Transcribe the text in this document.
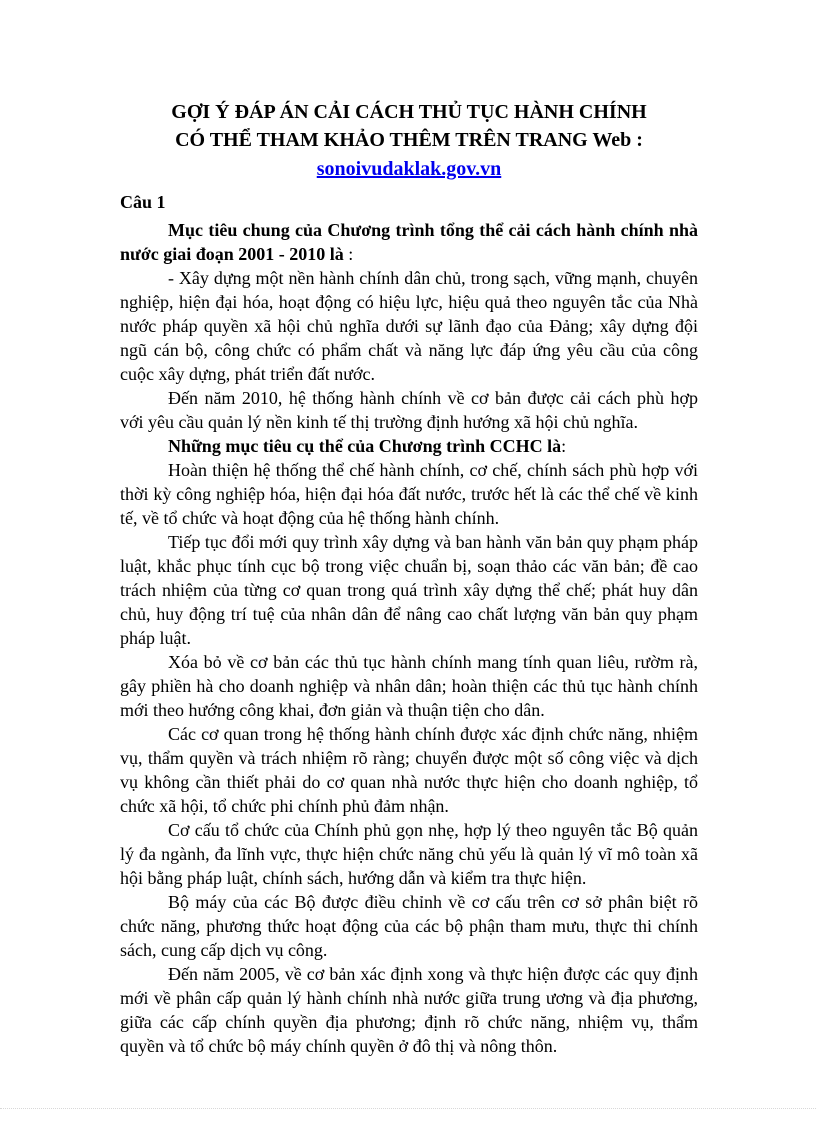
GỢI Ý ĐÁP ÁN CẢI CÁCH THỦ TỤC HÀNH CHÍNH
CÓ THỂ THAM KHẢO THÊM TRÊN TRANG Web :
sonoivudaklak.gov.vn
Câu 1

Mục tiêu chung của Chương trình tổng thể cải cách hành chính nhà nước giai đoạn 2001 - 2010 là :

- Xây dựng một nền hành chính dân chủ, trong sạch, vững mạnh, chuyên nghiệp, hiện đại hóa, hoạt động có hiệu lực, hiệu quả theo nguyên tắc của Nhà nước pháp quyền xã hội chủ nghĩa dưới sự lãnh đạo của Đảng; xây dựng đội ngũ cán bộ, công chức có phẩm chất và năng lực đáp ứng yêu cầu của công cuộc xây dựng, phát triển đất nước.

Đến năm 2010, hệ thống hành chính về cơ bản được cải cách phù hợp với yêu cầu quản lý nền kinh tế thị trường định hướng xã hội chủ nghĩa.

Những mục tiêu cụ thể của Chương trình CCHC là:

Hoàn thiện hệ thống thể chế hành chính, cơ chế, chính sách phù hợp với thời kỳ công nghiệp hóa, hiện đại hóa đất nước, trước hết là các thể chế về kinh tế, về tổ chức và hoạt động của hệ thống hành chính.

Tiếp tục đổi mới quy trình xây dựng và ban hành văn bản quy phạm pháp luật, khắc phục tính cục bộ trong việc chuẩn bị, soạn thảo các văn bản; đề cao trách nhiệm của từng cơ quan trong quá trình xây dựng thể chế; phát huy dân chủ, huy động trí tuệ của nhân dân để nâng cao chất lượng văn bản quy phạm pháp luật.

Xóa bỏ về cơ bản các thủ tục hành chính mang tính quan liêu, rườm rà, gây phiền hà cho doanh nghiệp và nhân dân; hoàn thiện các thủ tục hành chính mới theo hướng công khai, đơn giản và thuận tiện cho dân.

Các cơ quan trong hệ thống hành chính được xác định chức năng, nhiệm vụ, thẩm quyền và trách nhiệm rõ ràng; chuyển được một số công việc và dịch vụ không cần thiết phải do cơ quan nhà nước thực hiện cho doanh nghiệp, tổ chức xã hội, tổ chức phi chính phủ đảm nhận.

Cơ cấu tổ chức của Chính phủ gọn nhẹ, hợp lý theo nguyên tắc Bộ quản lý đa ngành, đa lĩnh vực, thực hiện chức năng chủ yếu là quản lý vĩ mô toàn xã hội bằng pháp luật, chính sách, hướng dẫn và kiểm tra thực hiện.

Bộ máy của các Bộ được điều chỉnh về cơ cấu trên cơ sở phân biệt rõ chức năng, phương thức hoạt động của các bộ phận tham mưu, thực thi chính sách, cung cấp dịch vụ công.

Đến năm 2005, về cơ bản xác định xong và thực hiện được các quy định mới về phân cấp quản lý hành chính nhà nước giữa trung ương và địa phương, giữa các cấp chính quyền địa phương; định rõ chức năng, nhiệm vụ, thẩm quyền và tổ chức bộ máy chính quyền ở đô thị và nông thôn.
